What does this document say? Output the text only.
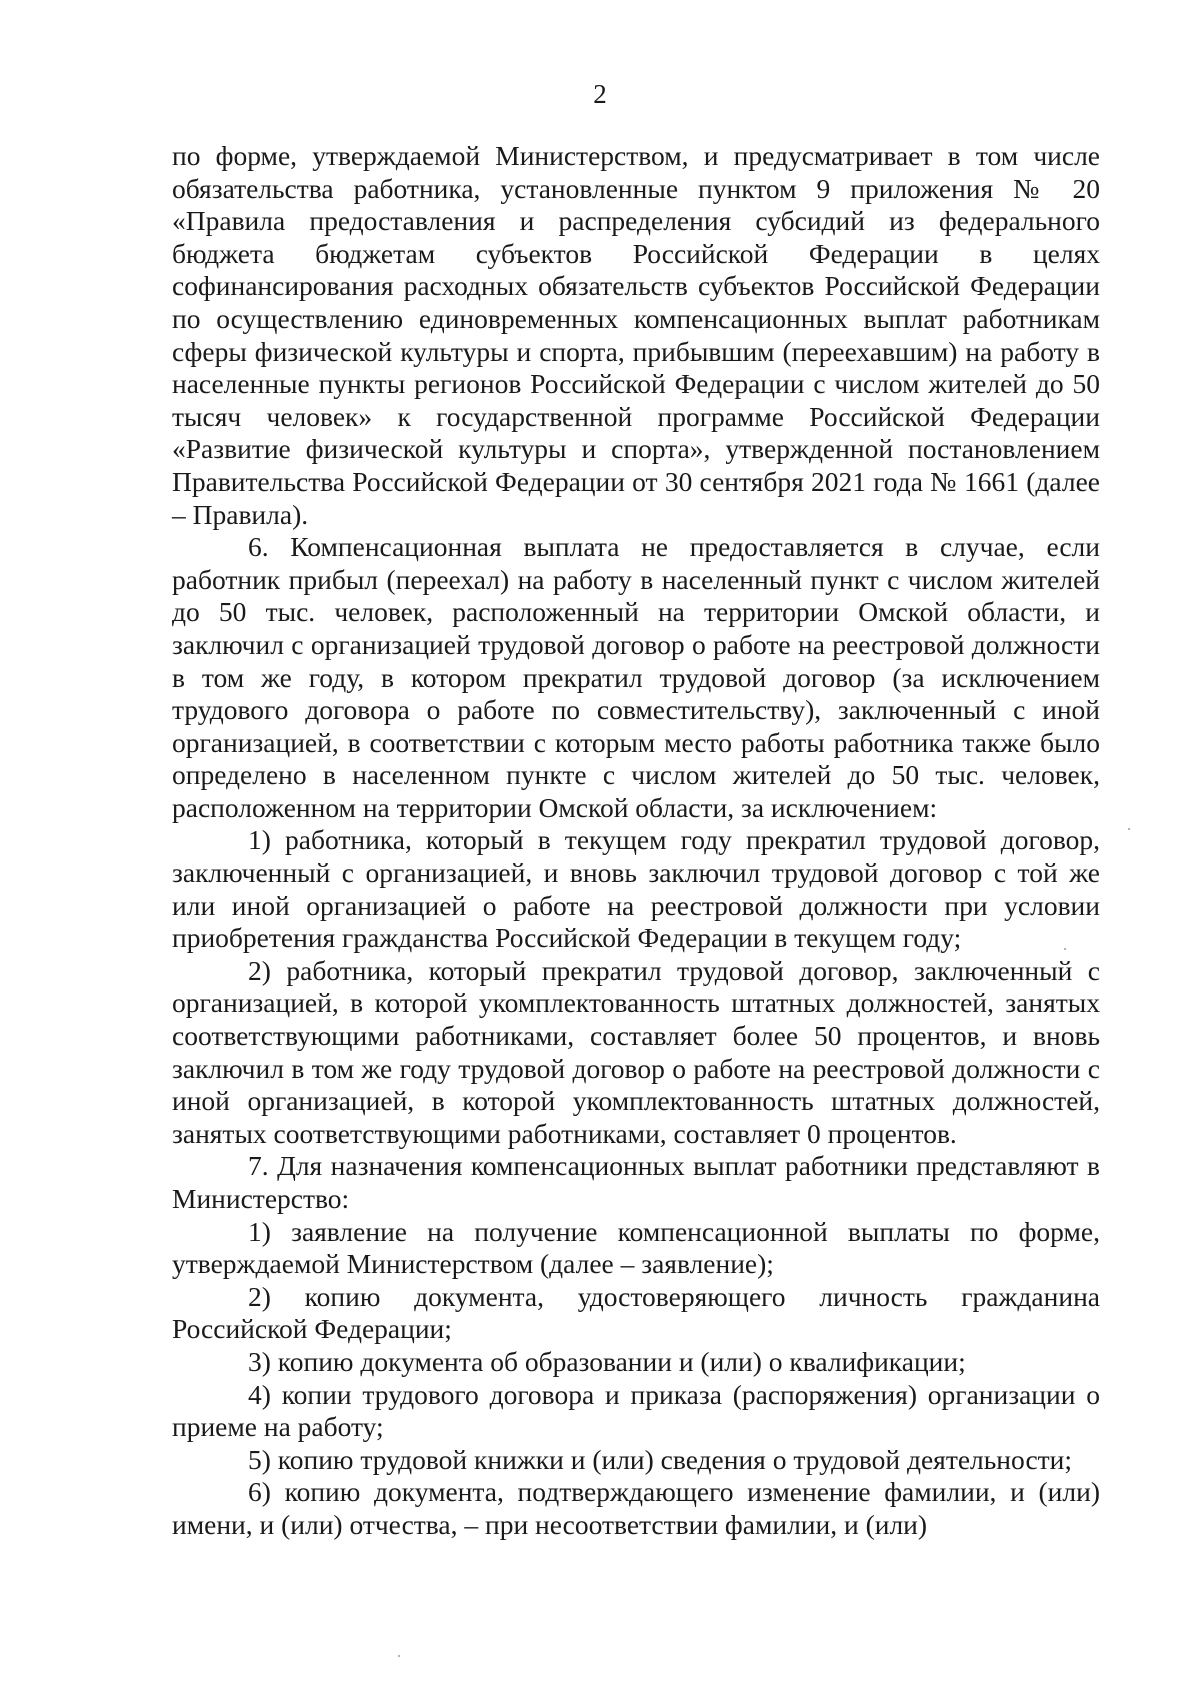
2

по форме, утверждаемой Министерством, и предусматривает в том числе обязательства работника, установленные пунктом 9 приложения № 20 «Правила предоставления и распределения субсидий из федерального бюджета бюджетам субъектов Российской Федерации в целях софинансирования расходных обязательств субъектов Российской Федерации по осуществлению единовременных компенсационных выплат работникам сферы физической культуры и спорта, прибывшим (переехавшим) на работу в населенные пункты регионов Российской Федерации с числом жителей до 50 тысяч человек» к государственной программе Российской Федерации «Развитие физической культуры и спорта», утвержденной постановлением Правительства Российской Федерации от 30 сентября 2021 года № 1661 (далее – Правила).

6. Компенсационная выплата не предоставляется в случае, если работник прибыл (переехал) на работу в населенный пункт с числом жителей до 50 тыс. человек, расположенный на территории Омской области, и заключил с организацией трудовой договор о работе на реестровой должности в том же году, в котором прекратил трудовой договор (за исключением трудового договора о работе по совместительству), заключенный с иной организацией, в соответствии с которым место работы работника также было определено в населенном пункте с числом жителей до 50 тыс. человек, расположенном на территории Омской области, за исключением:

1) работника, который в текущем году прекратил трудовой договор, заключенный с организацией, и вновь заключил трудовой договор с той же или иной организацией о работе на реестровой должности при условии приобретения гражданства Российской Федерации в текущем году;

2) работника, который прекратил трудовой договор, заключенный с организацией, в которой укомплектованность штатных должностей, занятых соответствующими работниками, составляет более 50 процентов, и вновь заключил в том же году трудовой договор о работе на реестровой должности с иной организацией, в которой укомплектованность штатных должностей, занятых соответствующими работниками, составляет 0 процентов.

7. Для назначения компенсационных выплат работники представляют в Министерство:

1) заявление на получение компенсационной выплаты по форме, утверждаемой Министерством (далее – заявление);

2) копию документа, удостоверяющего личность гражданина Российской Федерации;

3) копию документа об образовании и (или) о квалификации;

4) копии трудового договора и приказа (распоряжения) организации о приеме на работу;

5) копию трудовой книжки и (или) сведения о трудовой деятельности;

6) копию документа, подтверждающего изменение фамилии, и (или) имени, и (или) отчества, – при несоответствии фамилии, и (или)
